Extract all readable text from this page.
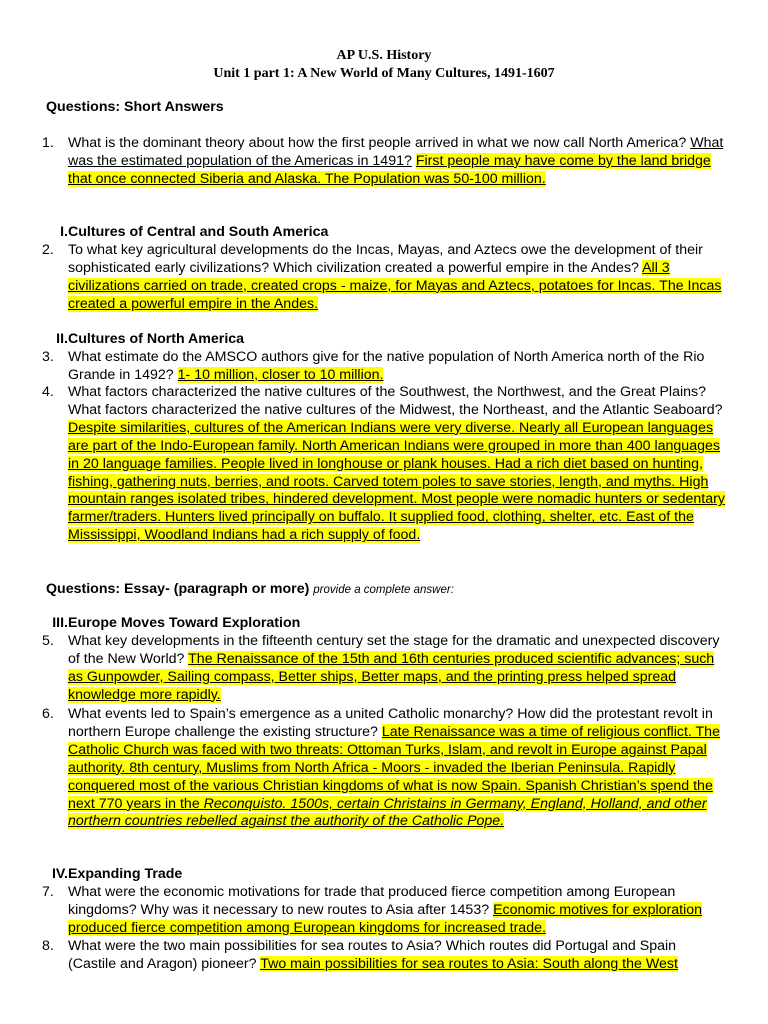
AP U.S. History
Unit 1 part 1: A New World of Many Cultures, 1491-1607
Questions: Short Answers
1. What is the dominant theory about how the first people arrived in what we now call North America? What was the estimated population of the Americas in 1491? First people may have come by the land bridge that once connected Siberia and Alaska. The Population was 50-100 million.
I. Cultures of Central and South America
2. To what key agricultural developments do the Incas, Mayas, and Aztecs owe the development of their sophisticated early civilizations? Which civilization created a powerful empire in the Andes? All 3 civilizations carried on trade, created crops - maize, for Mayas and Aztecs, potatoes for Incas. The Incas created a powerful empire in the Andes.
II. Cultures of North America
3. What estimate do the AMSCO authors give for the native population of North America north of the Rio Grande in 1492? 1- 10 million, closer to 10 million.
4. What factors characterized the native cultures of the Southwest, the Northwest, and the Great Plains? What factors characterized the native cultures of the Midwest, the Northeast, and the Atlantic Seaboard? Despite similarities, cultures of the American Indians were very diverse. Nearly all European languages are part of the Indo-European family. North American Indians were grouped in more than 400 languages in 20 language families. People lived in longhouse or plank houses. Had a rich diet based on hunting, fishing, gathering nuts, berries, and roots. Carved totem poles to save stories, length, and myths. High mountain ranges isolated tribes, hindered development. Most people were nomadic hunters or sedentary farmer/traders. Hunters lived principally on buffalo. It supplied food, clothing, shelter, etc. East of the Mississippi, Woodland Indians had a rich supply of food.
Questions: Essay- (paragraph or more) provide a complete answer:
III. Europe Moves Toward Exploration
5. What key developments in the fifteenth century set the stage for the dramatic and unexpected discovery of the New World? The Renaissance of the 15th and 16th centuries produced scientific advances; such as Gunpowder, Sailing compass, Better ships, Better maps, and the printing press helped spread knowledge more rapidly.
6. What events led to Spain’s emergence as a united Catholic monarchy? How did the protestant revolt in northern Europe challenge the existing structure? Late Renaissance was a time of religious conflict. The Catholic Church was faced with two threats: Ottoman Turks, Islam, and revolt in Europe against Papal authority. 8th century, Muslims from North Africa - Moors - invaded the Iberian Peninsula. Rapidly conquered most of the various Christian kingdoms of what is now Spain. Spanish Christian’s spend the next 770 years in the Reconquisto. 1500s, certain Christains in Germany, England, Holland, and other northern countries rebelled against the authority of the Catholic Pope.
IV. Expanding Trade
7. What were the economic motivations for trade that produced fierce competition among European kingdoms? Why was it necessary to new routes to Asia after 1453? Economic motives for exploration produced fierce competition among European kingdoms for increased trade.
8. What were the two main possibilities for sea routes to Asia? Which routes did Portugal and Spain (Castile and Aragon) pioneer? Two main possibilities for sea routes to Asia: South along the West
